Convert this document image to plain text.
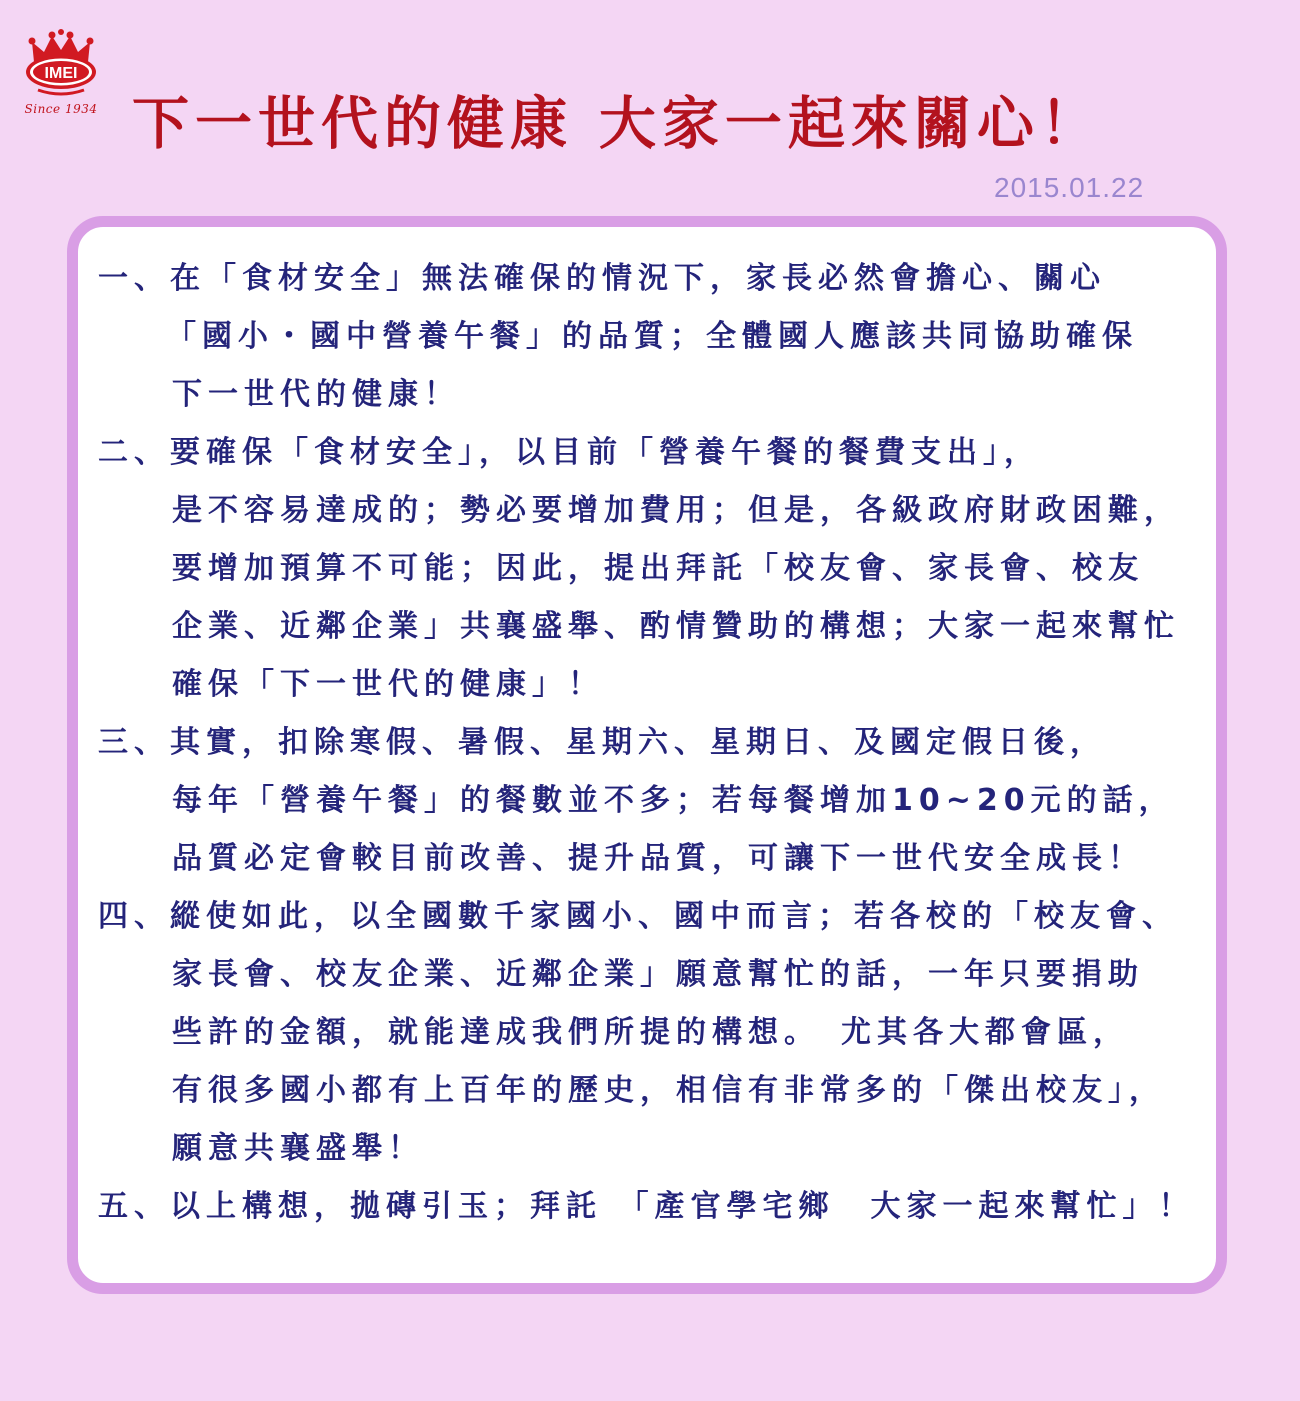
IMEI
Since 1934 下一世代的健康 大家一起來關心！
2015.01.22
一、在「食材安全」無法確保的情況下，家長必然會擔心、關心
「國小・國中營養午餐」的品質；全體國人應該共同協助確保
下一世代的健康！
二、要確保「食材安全」，以目前「營養午餐的餐費支出」，
是不容易達成的；勢必要增加費用；但是，各級政府財政困難，
要增加預算不可能；因此，提出拜託「校友會、家長會、校友
企業、近鄰企業」共襄盛舉、酌情贊助的構想；大家一起來幫忙
確保「下一世代的健康」！
三、其實，扣除寒假、暑假、星期六、星期日、及國定假日後，
每年「營養午餐」的餐數並不多；若每餐增加10~20元的話，
品質必定會較目前改善、提升品質，可讓下一世代安全成長！
四、縱使如此，以全國數千家國小、國中而言；若各校的「校友會、
家長會、校友企業、近鄰企業」願意幫忙的話，一年只要捐助
些許的金額，就能達成我們所提的構想。　尤其各大都會區，
有很多國小都有上百年的歷史，相信有非常多的「傑出校友」，
願意共襄盛舉！
五、以上構想，拋磚引玉；拜託 「產官學宅鄉　大家一起來幫忙」！
